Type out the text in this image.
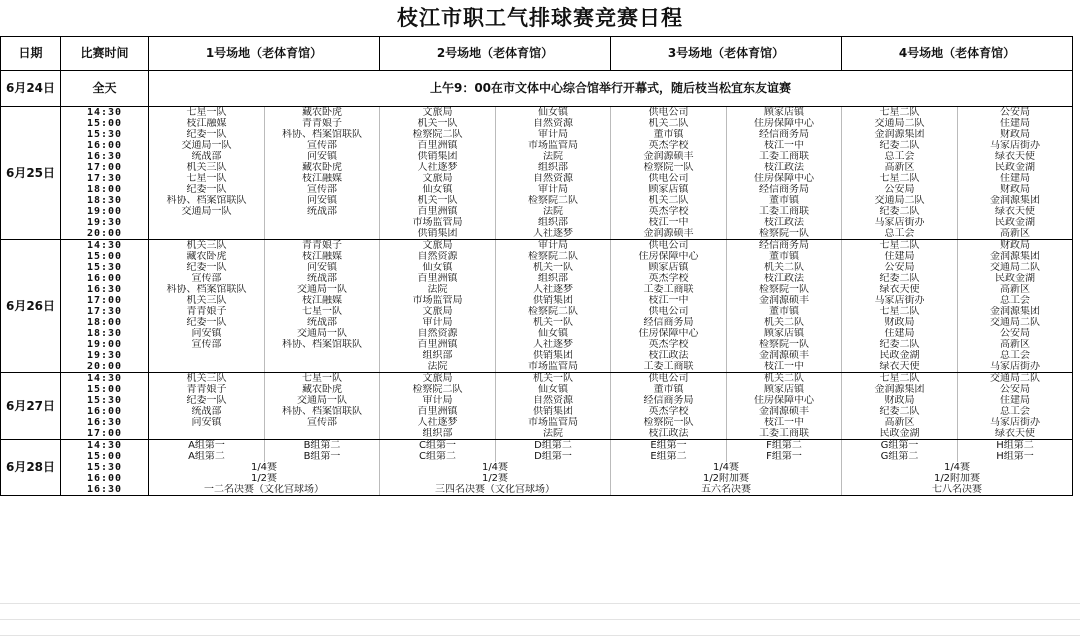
枝江市职工气排球赛竞赛日程
日期	比赛时间	1号场地（老体育馆）		2号场地（老体育馆）		3号场地（老体育馆）		4号场地（老体育馆）	
6月24日	全天	上午9：00在市文体中心综合馆举行开幕式，随后枝当松宜东友谊赛							
6月25日	14:30	七星一队	藏农卧虎	文旅局	仙女镇	供电公司	顾家店镇	七星二队	公安局
	15:00	枝江融媒	青青娘子	机关一队	自然资源	机关二队	住房保障中心	交通局二队	住建局
	15:30	纪委一队	科协、档案馆联队	检察院二队	审计局	董市镇	经信商务局	金润源集团	财政局
	16:00	交通局一队	宣传部	百里洲镇	市场监管局	英杰学校	枝江一中	纪委二队	马家店街办
	16:30	统战部	问安镇	供销集团	法院	金润源硕丰	工委工商联	总工会	绿衣天使
	17:00	机关三队	藏农卧虎	人社逐梦	组织部	检察院一队	枝江政法	高新区	民政金湖
	17:30	七星一队	枝江融媒	文旅局	自然资源	供电公司	住房保障中心	七星二队	住建局
	18:00	纪委一队	宣传部	仙女镇	审计局	顾家店镇	经信商务局	公安局	财政局
	18:30	科协、档案馆联队	问安镇	机关一队	检察院二队	机关二队	董市镇	交通局二队	金润源集团
	19:00	交通局一队	统战部	百里洲镇	法院	英杰学校	工委工商联	纪委二队	绿衣天使
	19:30			市场监管局	组织部	枝江一中	枝江政法	马家店街办	民政金湖
	20:00			供销集团	人社逐梦	金润源硕丰	检察院一队	总工会	高新区
6月26日	14:30	机关三队	青青娘子	文旅局	审计局	供电公司	经信商务局	七星二队	财政局
	15:00	藏农卧虎	枝江融媒	自然资源	检察院二队	住房保障中心	董市镇	住建局	金润源集团
	15:30	纪委一队	问安镇	仙女镇	机关一队	顾家店镇	机关二队	公安局	交通局二队
	16:00	宣传部	统战部	百里洲镇	组织部	英杰学校	枝江政法	纪委二队	民政金湖
	16:30	科协、档案馆联队	交通局一队	法院	人社逐梦	工委工商联	检察院一队	绿衣天使	高新区
	17:00	机关三队	枝江融媒	市场监管局	供销集团	枝江一中	金润源硕丰	马家店街办	总工会
	17:30	青青娘子	七星一队	文旅局	检察院二队	供电公司	董市镇	七星二队	金润源集团
	18:00	纪委一队	统战部	审计局	机关一队	经信商务局	机关二队	财政局	交通局二队
	18:30	问安镇	交通局一队	自然资源	仙女镇	住房保障中心	顾家店镇	住建局	公安局
	19:00	宣传部	科协、档案馆联队	百里洲镇	人社逐梦	英杰学校	检察院一队	纪委二队	高新区
	19:30			组织部	供销集团	枝江政法	金润源硕丰	民政金湖	总工会
	20:00			法院	市场监管局	工委工商联	枝江一中	绿衣天使	马家店街办
6月27日	14:30	机关三队	七星一队	文旅局	机关一队	供电公司	机关二队	七星二队	交通局二队
	15:00	青青娘子	藏农卧虎	检察院二队	仙女镇	董市镇	顾家店镇	金润源集团	公安局
	15:30	纪委一队	交通局一队	审计局	自然资源	经信商务局	住房保障中心	财政局	住建局
	16:00	统战部	科协、档案馆联队	百里洲镇	供销集团	英杰学校	金润源硕丰	纪委二队	总工会
	16:30	问安镇	宣传部	人社逐梦	市场监管局	检察院一队	枝江一中	高新区	马家店街办
	17:00			组织部	法院	枝江政法	工委工商联	民政金湖	绿衣天使
6月28日	14:30	A组第一	B组第二	C组第一	D组第二	E组第一	F组第二	G组第一	H组第二
	15:00	A组第二	B组第一	C组第二	D组第一	E组第二	F组第一	G组第二	H组第一
	15:30	1/4赛		1/4赛		1/4赛		1/4赛	
	16:00	1/2赛		1/2赛		1/2附加赛		1/2附加赛	
	16:30	一二名决赛（文化宫球场）		三四名决赛（文化宫球场）		五六名决赛		七八名决赛	
